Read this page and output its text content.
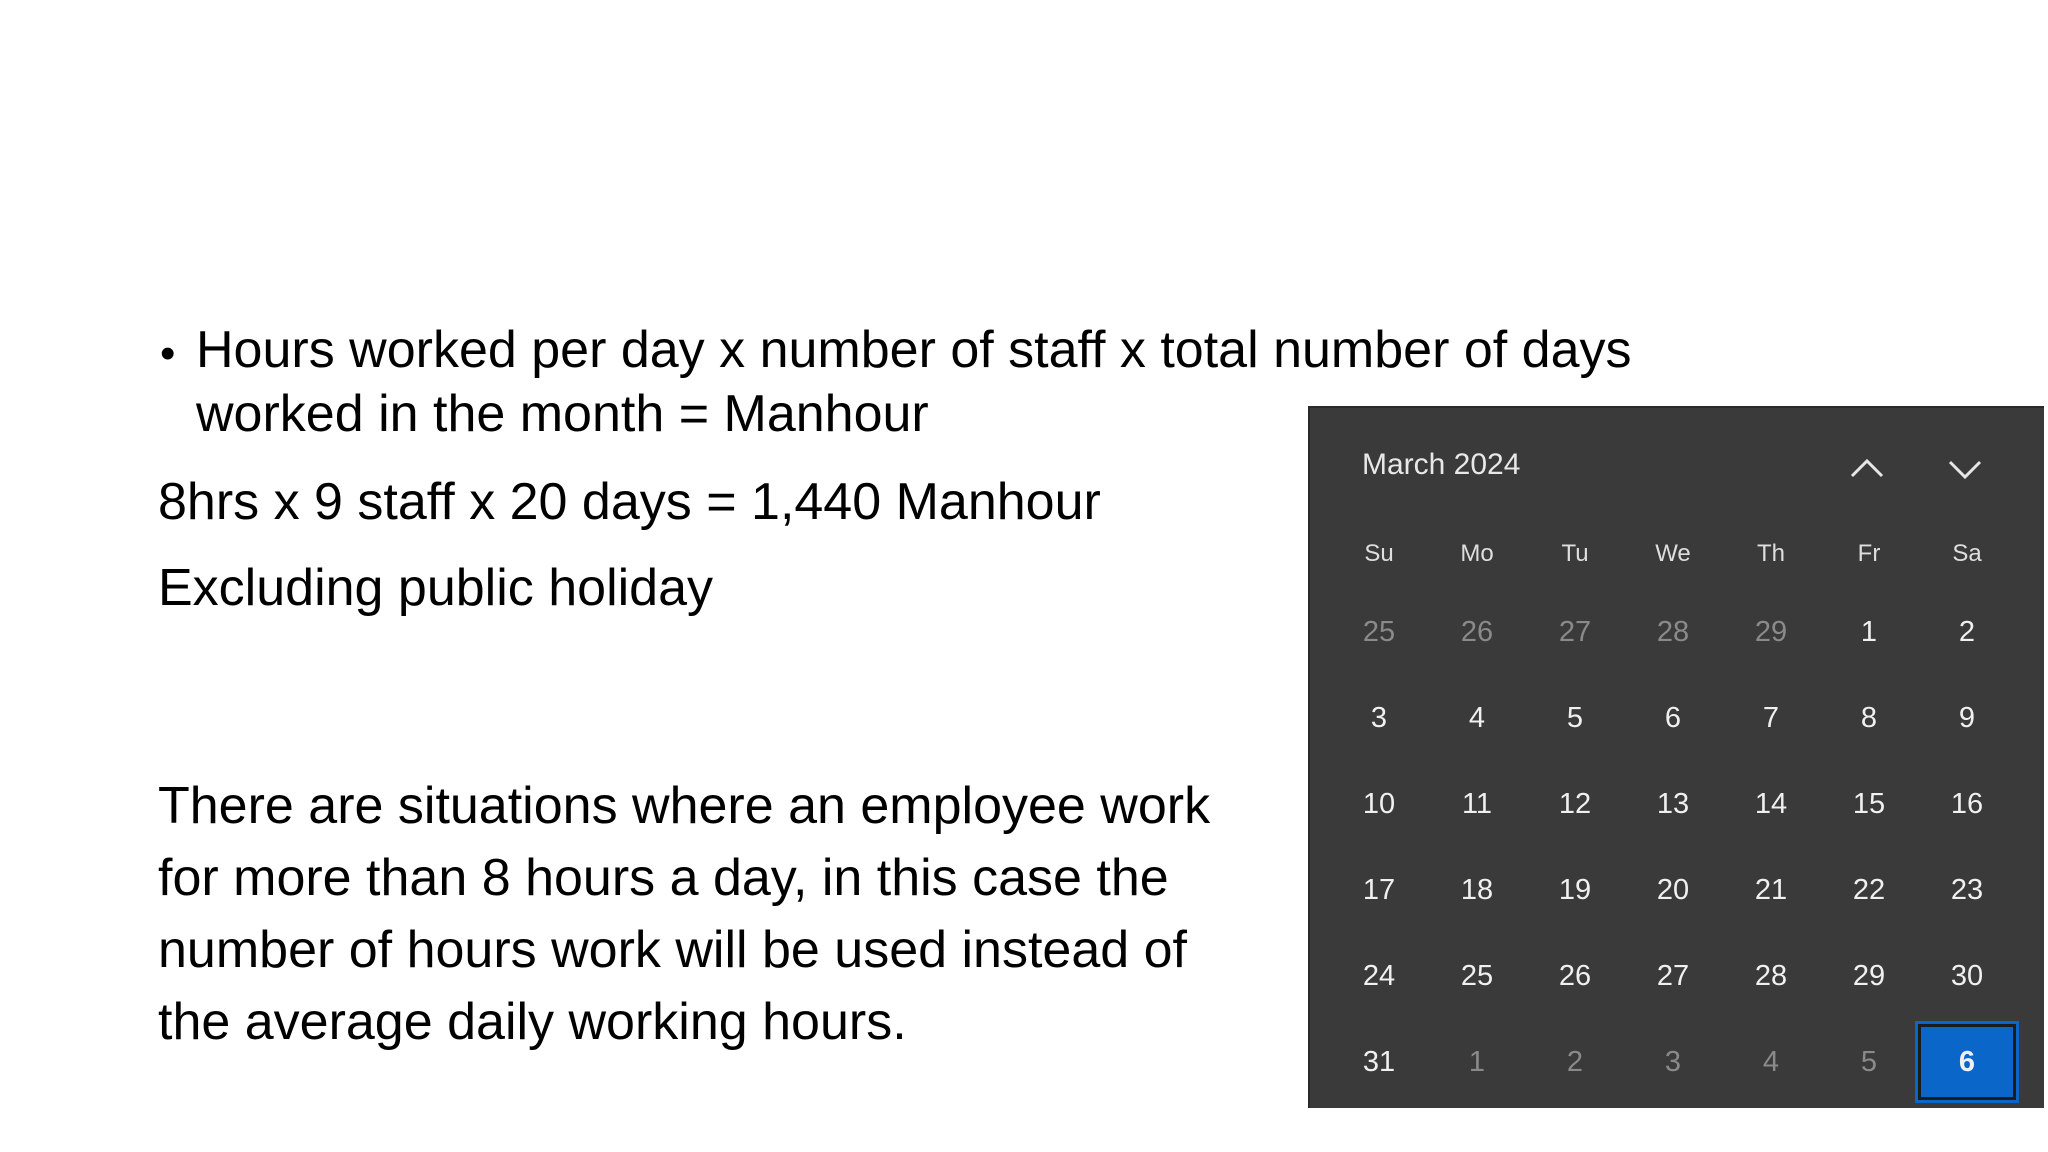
• Hours worked per day x number of staff x total number of days
worked in the month = Manhour
8hrs x 9 staff x 20 days = 1,440 Manhour
Excluding public holiday
There are situations where an employee work
for more than 8 hours a day, in this case the
number of hours work will be used instead of
the average daily working hours.
March 2024
Su	Mo	Tu	We	Th	Fr	Sa
25	26	27	28	29	1	2
3	4	5	6	7	8	9
10	11	12	13	14	15	16
17	18	19	20	21	22	23
24	25	26	27	28	29	30
31	1	2	3	4	5	6
